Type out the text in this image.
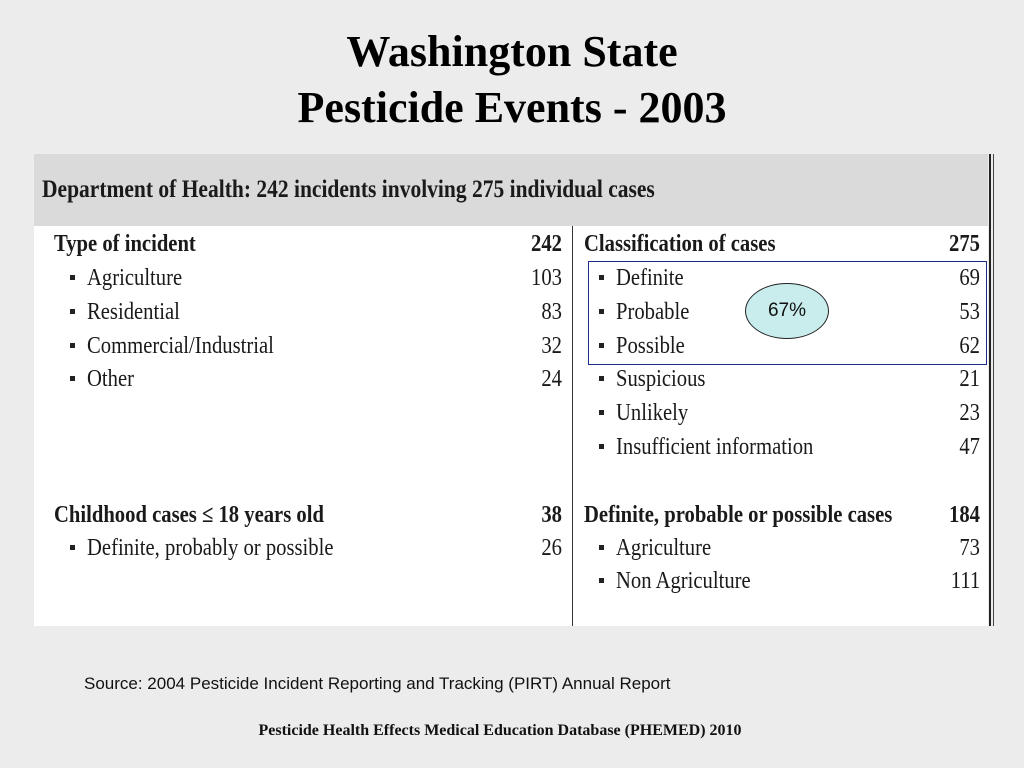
Washington State
Pesticide Events - 2003
Department of Health: 242 incidents involving 275 individual cases
Type of incident	242
Agriculture	103
Residential	83
Commercial/Industrial	32
Other	24
Childhood cases ≤ 18 years old	38
Definite, probably or possible	26
Classification of cases	275
Definite	69
Probable	53
Possible	62
Suspicious	21
Unlikely	23
Insufficient information	47
Definite, probable or possible cases 184
Agriculture	73
Non Agriculture	111
67%
Source: 2004 Pesticide Incident Reporting and Tracking (PIRT) Annual Report
Pesticide Health Effects Medical Education Database (PHEMED) 2010
